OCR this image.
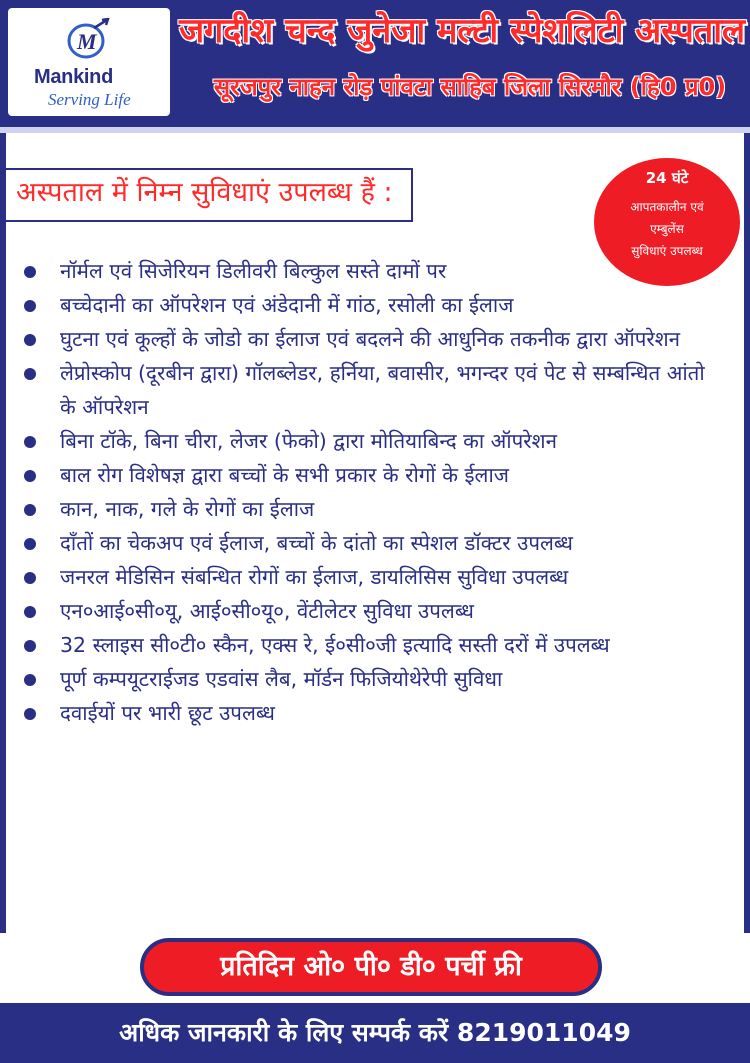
M
Mankind
Serving Life
जगदीश चन्द जुनेजा मल्टी स्पेशलिटी अस्पताल
सूरजपुर नाहन रोड़ पांवटा साहिब जिला सिरमौर (हि0 प्र0)
अस्पताल में निम्न सुविधाएं उपलब्ध हैं :	24 घंटे
आपतकालीन एवं
एम्बुलेंस
सुविधाएं उपलब्ध
नॉर्मल एवं सिजेरियन डिलीवरी बिल्कुल सस्ते दामों पर
बच्चेदानी का ऑपरेशन एवं अंडेदानी में गांठ, रसोली का ईलाज
घुटना एवं कूल्हों के जोडो का ईलाज एवं बदलने की आधुनिक तकनीक द्वारा ऑपरेशन
लेप्रोस्कोप (दूरबीन द्वारा) गॉलब्लेडर, हर्निया, बवासीर, भगन्दर एवं पेट से सम्बन्धित आंतो के ऑपरेशन
बिना टॉके, बिना चीरा, लेजर (फेको) द्वारा मोतियाबिन्द का ऑपरेशन
बाल रोग विशेषज्ञ द्वारा बच्चों के सभी प्रकार के रोगों के ईलाज
कान, नाक, गले के रोगों का ईलाज
दाँतों का चेकअप एवं ईलाज, बच्चों के दांतो का स्पेशल डॉक्टर उपलब्ध
जनरल मेडिसिन संबन्धित रोगों का ईलाज, डायलिसिस सुविधा उपलब्ध
एन०आई०सी०यू, आई०सी०यू०, वेंटीलेटर सुविधा उपलब्ध
32 स्लाइस सी०टी० स्कैन, एक्स रे, ई०सी०जी इत्यादि सस्ती दरों में उपलब्ध
पूर्ण कम्पयूटराईजड एडवांस लैब, मॉर्डन फिजियोथेरेपी सुविधा
दवाईयों पर भारी छूट उपलब्ध
प्रतिदिन ओ० पी० डी० पर्ची फ्री
अधिक जानकारी के लिए सम्पर्क करें 8219011049
